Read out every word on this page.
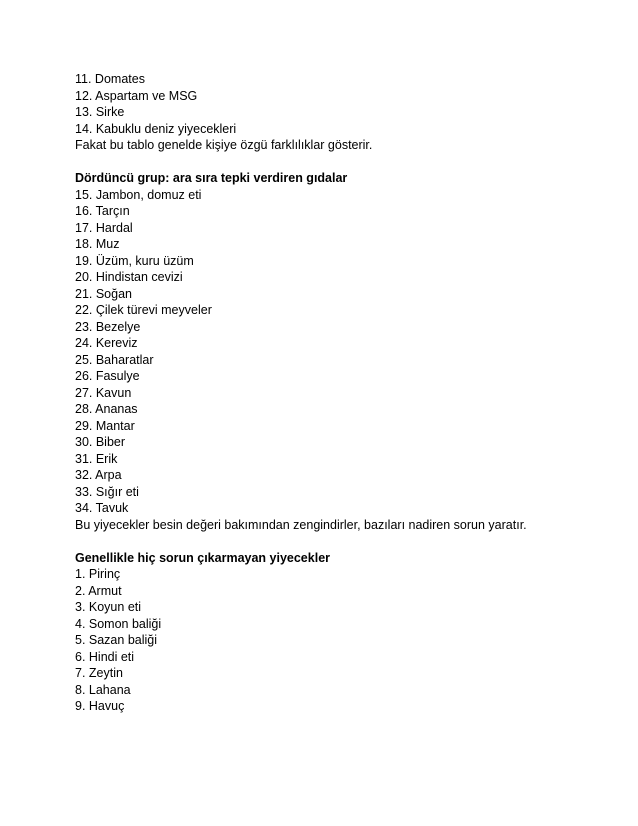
11. Domates
12. Aspartam ve MSG
13. Sirke
14. Kabuklu deniz yiyecekleri
Fakat bu tablo genelde kişiye özgü farklılıklar gösterir.
Dördüncü grup: ara sıra tepki verdiren gıdalar
15. Jambon, domuz eti
16. Tarçın
17. Hardal
18. Muz
19. Üzüm, kuru üzüm
20. Hindistan cevizi
21. Soğan
22. Çilek türevi meyveler
23. Bezelye
24. Kereviz
25. Baharatlar
26. Fasulye
27. Kavun
28. Ananas
29. Mantar
30. Biber
31. Erik
32. Arpa
33. Sığır eti
34. Tavuk
Bu yiyecekler besin değeri bakımından zengindirler, bazıları nadiren sorun yaratır.
Genellikle hiç sorun çıkarmayan yiyecekler
1. Pirinç
2. Armut
3. Koyun eti
4. Somon baliği
5. Sazan baliği
6. Hindi eti
7. Zeytin
8. Lahana
9. Havuç
